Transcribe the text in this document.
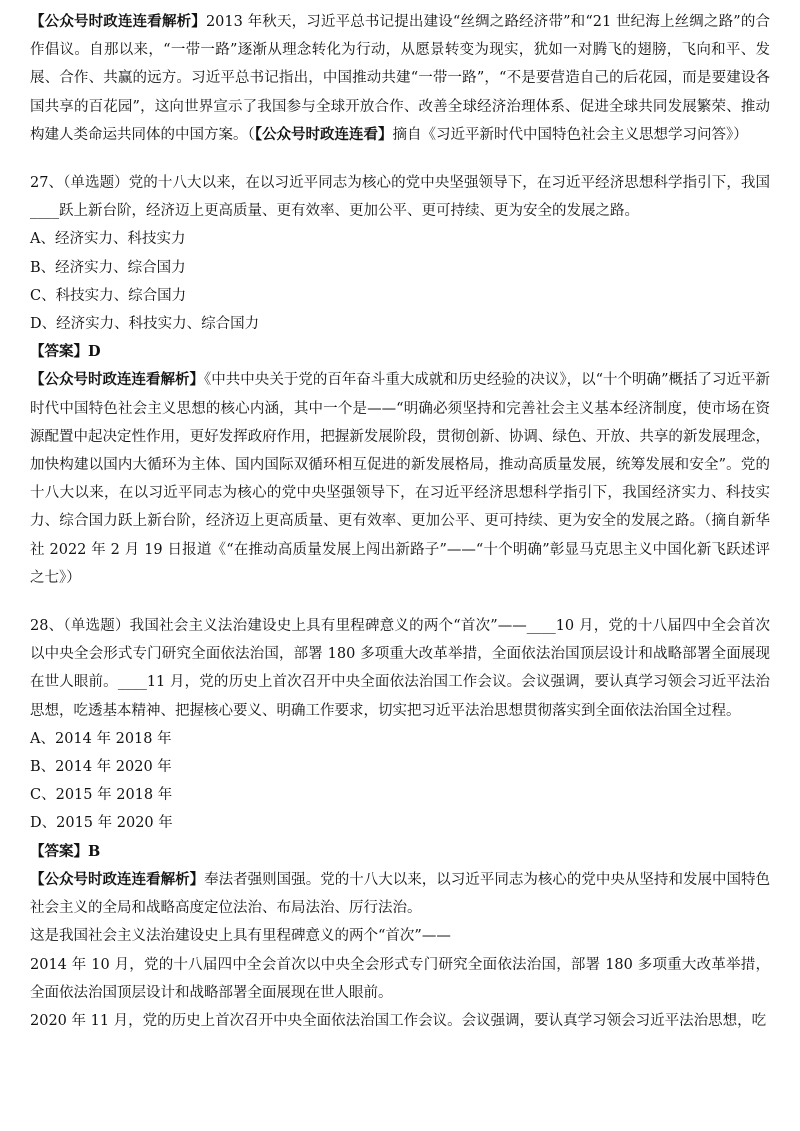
【公众号时政连连看解析】2013 年秋天，习近平总书记提出建设“丝绸之路经济带”和“21 世纪海上丝绸之路”的合作倡议。自那以来，“一带一路”逐渐从理念转化为行动，从愿景转变为现实，犹如一对腾飞的翅膀，飞向和平、发展、合作、共赢的远方。习近平总书记指出，中国推动共建“一带一路”，“不是要营造自己的后花园，而是要建设各国共享的百花园”，这向世界宣示了我国参与全球开放合作、改善全球经济治理体系、促进全球共同发展繁荣、推动构建人类命运共同体的中国方案。（【公众号时政连连看】摘自《习近平新时代中国特色社会主义思想学习问答》）

27、（单选题）党的十八大以来，在以习近平同志为核心的党中央坚强领导下，在习近平经济思想科学指引下，我国____跃上新台阶，经济迈上更高质量、更有效率、更加公平、更可持续、更为安全的发展之路。

A、经济实力、科技实力

B、经济实力、综合国力

C、科技实力、综合国力

D、经济实力、科技实力、综合国力

【答案】D

【公众号时政连连看解析】《中共中央关于党的百年奋斗重大成就和历史经验的决议》，以“十个明确”概括了习近平新时代中国特色社会主义思想的核心内涵，其中一个是——“明确必须坚持和完善社会主义基本经济制度，使市场在资源配置中起决定性作用，更好发挥政府作用，把握新发展阶段，贯彻创新、协调、绿色、开放、共享的新发展理念，加快构建以国内大循环为主体、国内国际双循环相互促进的新发展格局，推动高质量发展，统筹发展和安全”。党的十八大以来，在以习近平同志为核心的党中央坚强领导下，在习近平经济思想科学指引下，我国经济实力、科技实力、综合国力跃上新台阶，经济迈上更高质量、更有效率、更加公平、更可持续、更为安全的发展之路。（摘自新华社 2022 年 2 月 19 日报道《“在推动高质量发展上闯出新路子”——“十个明确”彰显马克思主义中国化新飞跃述评之七》）

28、（单选题）我国社会主义法治建设史上具有里程碑意义的两个“首次”——____10 月，党的十八届四中全会首次以中央全会形式专门研究全面依法治国，部署 180 多项重大改革举措，全面依法治国顶层设计和战略部署全面展现在世人眼前。____11 月，党的历史上首次召开中央全面依法治国工作会议。会议强调，要认真学习领会习近平法治思想，吃透基本精神、把握核心要义、明确工作要求，切实把习近平法治思想贯彻落实到全面依法治国全过程。

A、2014 年 2018 年

B、2014 年 2020 年

C、2015 年 2018 年

D、2015 年 2020 年

【答案】B

【公众号时政连连看解析】奉法者强则国强。党的十八大以来，以习近平同志为核心的党中央从坚持和发展中国特色社会主义的全局和战略高度定位法治、布局法治、厉行法治。

这是我国社会主义法治建设史上具有里程碑意义的两个“首次”——

2014 年 10 月，党的十八届四中全会首次以中央全会形式专门研究全面依法治国，部署 180 多项重大改革举措，全面依法治国顶层设计和战略部署全面展现在世人眼前。

2020 年 11 月，党的历史上首次召开中央全面依法治国工作会议。会议强调，要认真学习领会习近平法治思想，吃
